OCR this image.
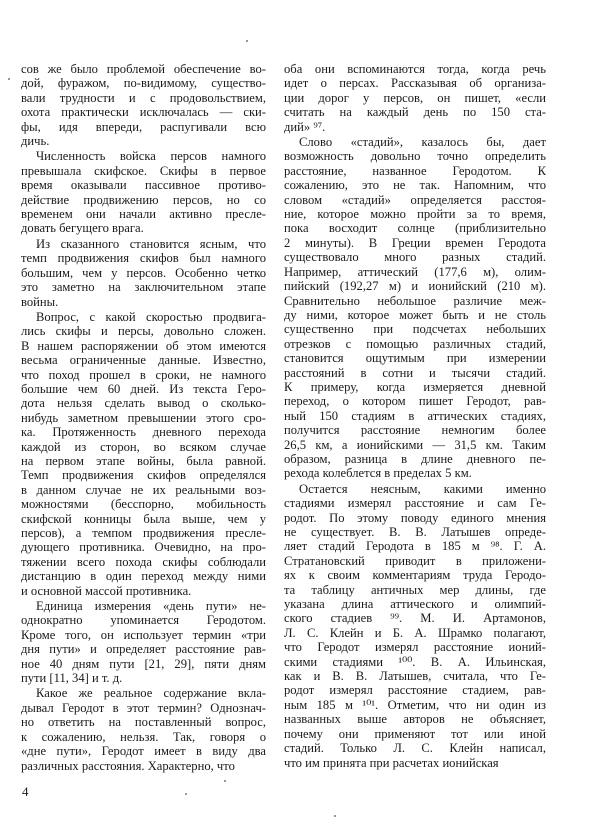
сов же было проблемой обеспечение во-
дой, фуражом, по-видимому, существо-
вали трудности и с продовольствием,
охота практически исключалась — ски-
фы, идя впереди, распугивали всю
дичь.
Численность войска персов намного
превышала скифское. Скифы в первое
время оказывали пассивное противо-
действие продвижению персов, но со
временем они начали активно пресле-
довать бегущего врага.
Из сказанного становится ясным, что
темп продвижения скифов был намного
большим, чем у персов. Особенно четко
это заметно на заключительном этапе
войны.
Вопрос, с какой скоростью продвига-
лись скифы и персы, довольно сложен.
В нашем распоряжении об этом имеются
весьма ограниченные данные. Известно,
что поход прошел в сроки, не намного
большие чем 60 дней. Из текста Геро-
дота нельзя сделать вывод о сколько-
нибудь заметном превышении этого сро-
ка. Протяженность дневного перехода
каждой из сторон, во всяком случае
на первом этапе войны, была равной.
Темп продвижения скифов определялся
в данном случае не их реальными воз-
можностями (бесспорно, мобильность
скифской конницы была выше, чем у
персов), а темпом продвижения пресле-
дующего противника. Очевидно, на про-
тяжении всего похода скифы соблюдали
дистанцию в один переход между ними
и основной массой противника.
Единица измерения «день пути» не-
однократно упоминается Геродотом.
Кроме того, он использует термин «три
дня пути» и определяет расстояние рав-
ное 40 дням пути [21, 29], пяти дням
пути [11, 34] и т. д.
Какое же реальное содержание вкла-
дывал Геродот в этот термин? Однознач-
но ответить на поставленный вопрос,
к сожалению, нельзя. Так, говоря о
«дне пути», Геродот имеет в виду два
различных расстояния. Характерно, что
оба они вспоминаются тогда, когда речь
идет о персах. Рассказывая об организа-
ции дорог у персов, он пишет, «если
считать на каждый день по 150 ста-
дий» ⁹⁷.
Слово «стадий», казалось бы, дает
возможность довольно точно определить
расстояние, названное Геродотом. К
сожалению, это не так. Напомним, что
словом «стадий» определяется расстоя-
ние, которое можно пройти за то время,
пока восходит солнце (приблизительно
2 минуты). В Греции времен Геродота
существовало много разных стадий.
Например, аттический (177,6 м), олим-
пийский (192,27 м) и ионийский (210 м).
Сравнительно небольшое различие меж-
ду ними, которое может быть и не столь
существенно при подсчетах небольших
отрезков с помощью различных стадий,
становится ощутимым при измерении
расстояний в сотни и тысячи стадий.
К примеру, когда измеряется дневной
переход, о котором пишет Геродот, рав-
ный 150 стадиям в аттических стадиях,
получится расстояние немногим более
26,5 км, а ионийскими — 31,5 км. Таким
образом, разница в длине дневного пе-
рехода колеблется в пределах 5 км.
Остается неясным, какими именно
стадиями измерял расстояние и сам Ге-
родот. По этому поводу единого мнения
не существует. В. В. Латышев опреде-
ляет стадий Геродота в 185 м ⁹⁸. Г. А.
Стратановский приводит в приложени-
ях к своим комментариям труда Геродо-
та таблицу античных мер длины, где
указана длина аттического и олимпий-
ского стадиев ⁹⁹. М. И. Артамонов,
Л. С. Клейн и Б. А. Шрамко полагают,
что Геродот измерял расстояние ионий-
скими стадиями ¹⁰⁰. В. А. Ильинская,
как и В. В. Латышев, считала, что Ге-
родот измерял расстояние стадием, рав-
ным 185 м ¹⁰¹. Отметим, что ни один из
названных выше авторов не объясняет,
почему они применяют тот или иной
стадий. Только Л. С. Клейн написал,
что им принята при расчетах ионийская
4
